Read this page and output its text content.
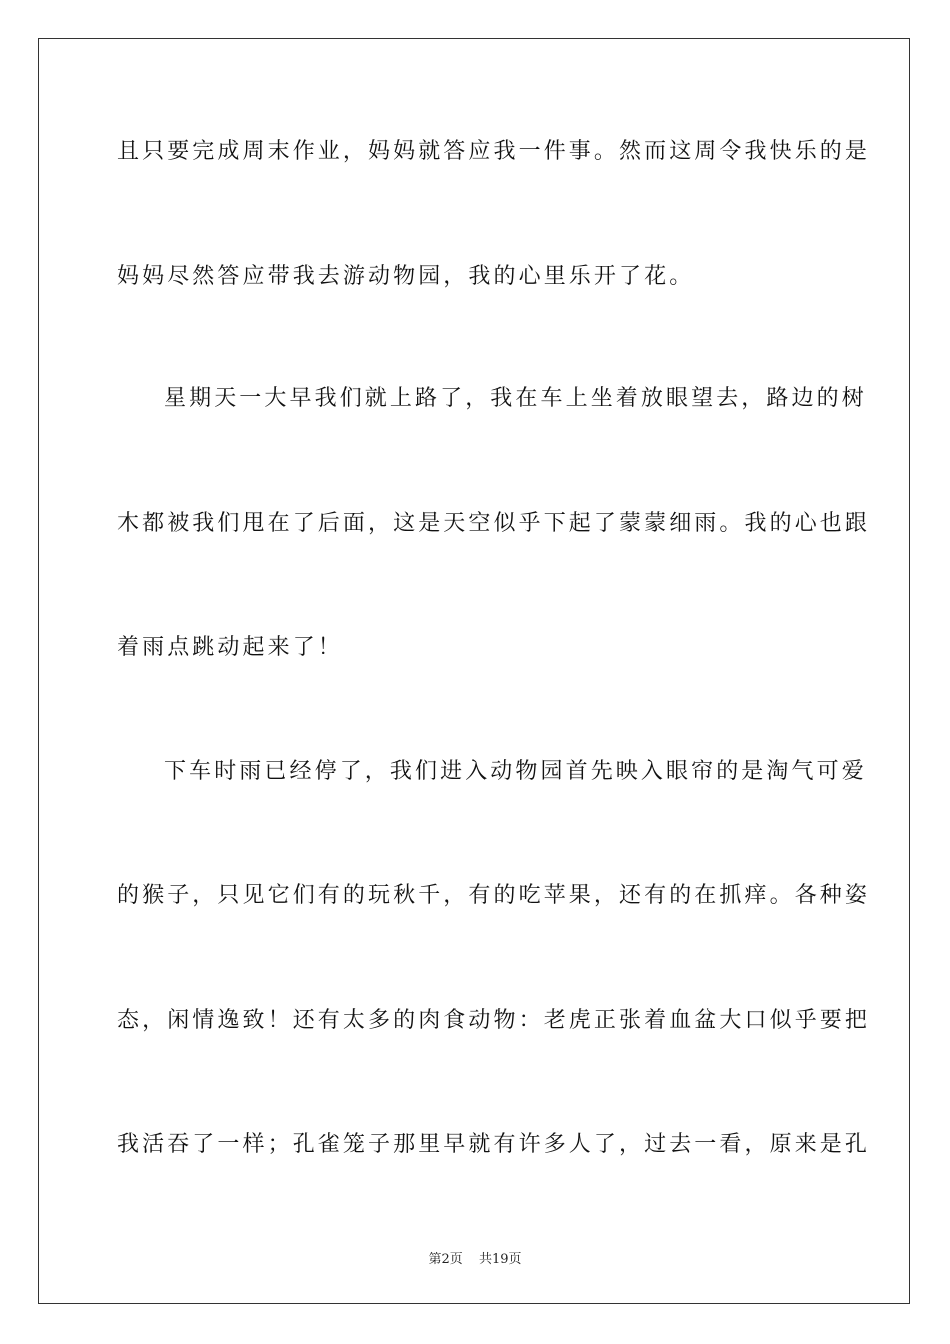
且只要完成周末作业，妈妈就答应我一件事。然而这周令我快乐的是
妈妈尽然答应带我去游动物园，我的心里乐开了花。
星期天一大早我们就上路了，我在车上坐着放眼望去，路边的树
木都被我们甩在了后面，这是天空似乎下起了蒙蒙细雨。我的心也跟
着雨点跳动起来了！
下车时雨已经停了，我们进入动物园首先映入眼帘的是淘气可爱
的猴子，只见它们有的玩秋千，有的吃苹果，还有的在抓痒。各种姿
态，闲情逸致！还有太多的肉食动物：老虎正张着血盆大口似乎要把
我活吞了一样；孔雀笼子那里早就有许多人了，过去一看，原来是孔
第2页 共19页
